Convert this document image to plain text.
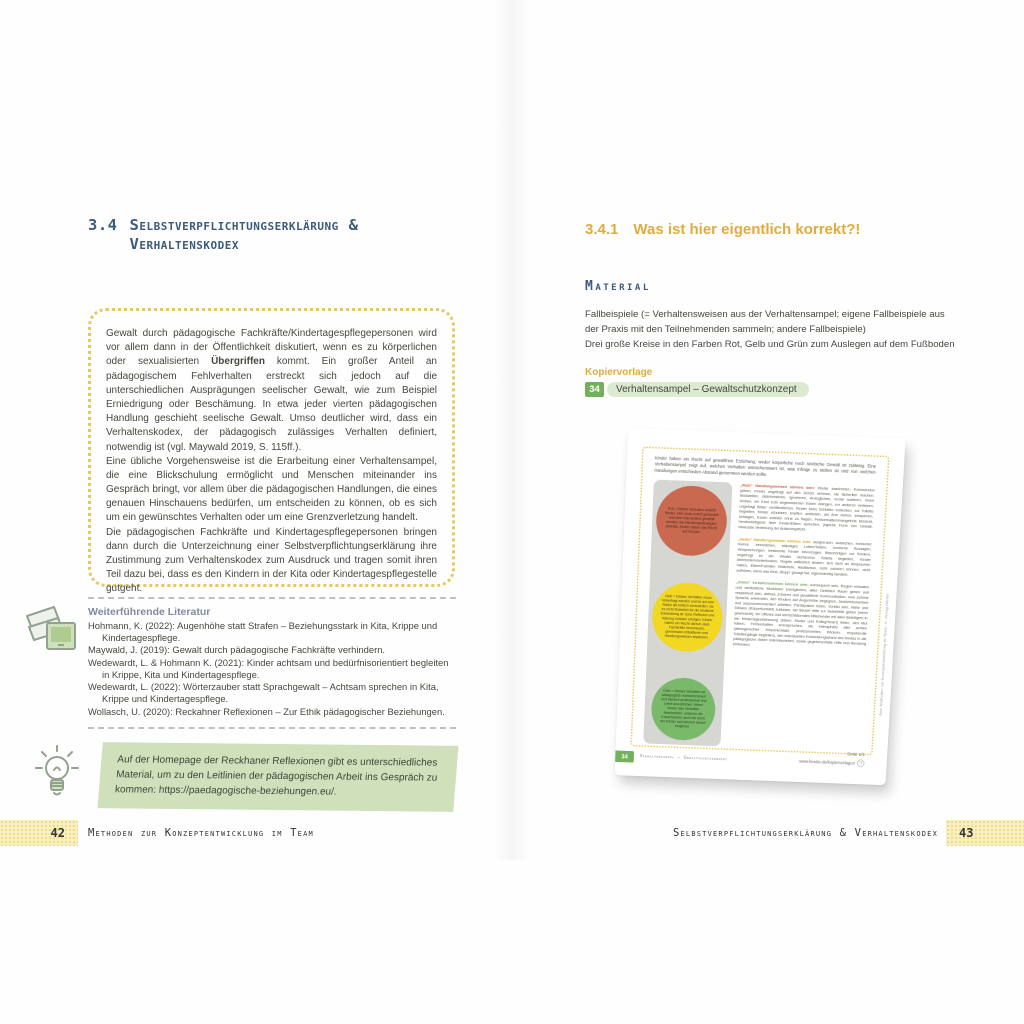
3.4 Selbstverpflichtungserklärung &
Verhaltenskodex

Gewalt durch pädagogische Fachkräfte/Kindertagespflegepersonen wird vor allem dann in der Öffentlichkeit diskutiert, wenn es zu körperlichen oder sexualisierten Übergriffen kommt. Ein großer Anteil an pädagogischem Fehlverhalten erstreckt sich jedoch auf die unterschiedlichen Ausprägungen seelischer Gewalt, wie zum Beispiel Erniedrigung oder Beschämung. In etwa jeder vierten pädagogischen Handlung geschieht seelische Gewalt. Umso deutlicher wird, dass ein Verhaltenskodex, der pädagogisch zulässiges Verhalten definiert, notwendig ist (vgl. Maywald 2019, S. 115ff.).

Eine übliche Vorgehensweise ist die Erarbeitung einer Verhaltensampel, die eine Blickschulung ermöglicht und Menschen miteinander ins Gespräch bringt, vor allem über die pädagogischen Handlungen, die eines genauen Hinschauens bedürfen, um entscheiden zu können, ob es sich um ein gewünschtes Verhalten oder um eine Grenzverletzung handelt.

Die pädagogischen Fachkräfte und Kindertagespflegepersonen bringen dann durch die Unterzeichnung einer Selbstverpflichtungserklärung ihre Zustimmung zum Verhaltenskodex zum Ausdruck und tragen somit ihren Teil dazu bei, dass es den Kindern in der Kita oder Kindertagespflegestelle gutgeht.

Weiterführende Literatur

Hohmann, K. (2022): Augenhöhe statt Strafen – Beziehungsstark in Kita, Krippe und Kindertagespflege.

Maywald, J. (2019): Gewalt durch pädagogische Fachkräfte verhindern.

Wedewardt, L. & Hohmann K. (2021): Kinder achtsam und bedürfnisorientiert begleiten in Krippe, Kita und Kindertagespflege.

Wedewardt, L. (2022): Wörterzauber statt Sprachgewalt – Achtsam sprechen in Kita, Krippe und Kindertagespflege.

Wollasch, U. (2020): Reckahner Reflexionen – Zur Ethik pädagogischer Beziehungen.

Auf der Homepage der Reckhaner Reflexionen gibt es unterschiedliches Material, um zu den Leitlinien der pädagogischen Arbeit ins Gespräch zu kommen: https://paedagogische-beziehungen.eu/.
42	Methoden zur Konzeptentwicklung im Team
3.4.1 Was ist hier eigentlich korrekt?!
Material

Fallbeispiele (= Verhaltensweisen aus der Verhaltensampel; eigene Fallbeispiele aus der Praxis mit den Teilnehmenden sammeln; andere Fallbeispiele)

Drei große Kreise in den Farben Rot, Gelb und Grün zum Auslegen auf dem Fußboden

Kopiervorlage
34	Verhaltensampel – Gewaltschutzkonzept
Kinder haben ein Recht auf gewaltfreie Erziehung, weder körperliche noch seelische Gewalt ist zulässig. Eine Verhaltensampel zeigt auf, welches Verhalten wünschenswert ist, was infrage zu stellen ist und von welchen Handlungen entschieden Abstand genommen werden sollte.
Rot = Dieses Verhalten verletzt Kinder. Hier muss sofort gehandelt und eine Intervention gewählt werden, die Handlungsstrategien einleitet. Kinder haben das Recht auf Schutz!
Gelb = Dieses Verhalten muss hinterfragt werden und ist auf sein Risiko als kritisch einzustufen, da es nicht förderlich für die kindliche Entwicklung ist. Eine Reflexion und Klärung müssen erfolgen. Kinder haben ein Recht darauf, dass Fachkräfte hinschauen, gemeinsam reflektieren und Handlungsweisen anpassen.
Grün = Dieses Verhalten ist pädagogisch wünschenswert und fachlich professionell und somit anzustreben. Wenn Kinder das Verhalten beschreiben, erfahren die Erwachsenen auch die Sicht der Kinder und können darauf eingehen.

„Rote“ Handlungsweisen können sein: Kinder anschreien, Kommandos geben, Kinder ungefragt auf den Schoß nehmen, sie lächerlich machen, bloßstellen, diskriminieren, ignorieren, Anzügliches, sozial isolieren, ihnen drohen, ein Kind zum angewiesenen Essen zwingen, vor anderen verletzen, ungefragt Bilder veröffentlichen, Kinder beim Schlafen zudecken, zur Toilette begleiten, Kinder schubsen, kneifen, anbinden, am Arm ziehen, einsperren, schlagen, Essen zuteilen ohne zu fragen, Fehlverhalten/mangelnde Einsicht, herabwürdigend über Kinder/Eltern sprechen, jegliche Form von Gewalt, bewusste Verletzung der Aufsichtspflicht.

„Gelbe“ Handlungsweisen können sein: ausgrenzen, auslachen, ironischer Humor, beschämen, ständiges Loben/Tadeln, ironische Aussagen, Versprechungen, bestimmte Kinder bevorzugen, Beschönigen vor Kindern, ungefragt an der Windel riechen/zur Toilette begleiten, Kinder überfordern/unterfordern, Regeln willkürlich ändern, sich nicht an Absprachen halten, Eltern/Familien belächeln, Adultismus, nicht zuhören können, nicht aufhören, wenn das Kind „Stopp“ gesagt hat, eigenmächtig handeln.

„Grüne“ Verhaltensweisen können sein: konsequent sein, Regeln einhalten und verlässliche Strukturen ermöglichen, allen Gefühlen Raum geben und respektvoll sein, aktives Zuhören und gewaltfreie Kommunikation, eine schöne Sprache anwenden, den Kindern auf Augenhöhe begegnen, bedürfnisorientiert und ressourcenorientiert arbeiten, Partizipation leben, Vorbild sein, Nähe und Distanz (Körperkontakt) zulassen, bei Bedarf Hilfe zur Selbsthilfe geben (wenn gewünscht), ein offenes und wertschätzendes Miteinander mit allen Beteiligten in der Kindertagesbetreuung (Eltern, Kinder und Kolleg*innen) leben, den Mut haben, Fehlverhalten anzusprechen, die Intimsphäre aller achten (altersgerechter Körperkontakt, professionelles Wickeln, respektvolle Toilettengänge begleiten), den individuellen Entwicklungsstand des Kindes in die pädagogische Arbeit miteinbeziehen, sowie gegebenenfalls Hilfe und Beratung einfordern.

34	Verhaltensampel – Gewaltschutzkonzept	Seite 1/1
www.herder.de/kopiervorlagen ❐
Aus: Methoden zur Konzeptentwicklung im Team, © Verlag Herder
Selbstverpflichtungserklärung & Verhaltenskodex	43
